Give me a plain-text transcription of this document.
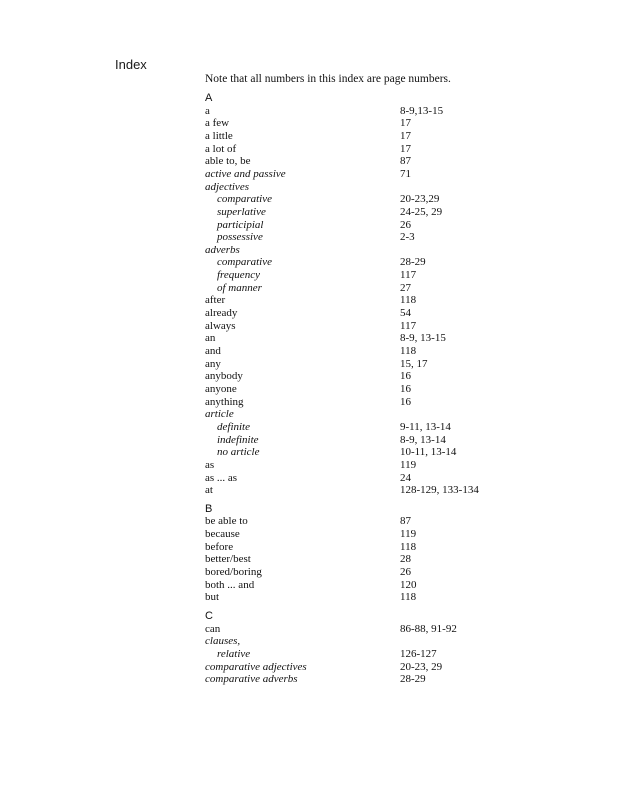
Index
Note that all numbers in this index are page numbers.
A
a	8-9,13-15
a few	17
a little	17
a lot of	17
able to, be	87
active and passive	71
adjectives
comparative	20-23,29
superlative	24-25, 29
participial	26
possessive	2-3
adverbs
comparative	28-29
frequency	117
of manner	27
after	118
already	54
always	117
an	8-9, 13-15
and	118
any	15, 17
anybody	16
anyone	16
anything	16
article
definite	9-11, 13-14
indefinite	8-9, 13-14
no article	10-11, 13-14
as	119
as ... as	24
at	128-129, 133-134
B
be able to	87
because	119
before	118
better/best	28
bored/boring	26
both ... and	120
but	118
C
can	86-88, 91-92
clauses,
relative	126-127
comparative adjectives	20-23, 29
comparative adverbs	28-29
